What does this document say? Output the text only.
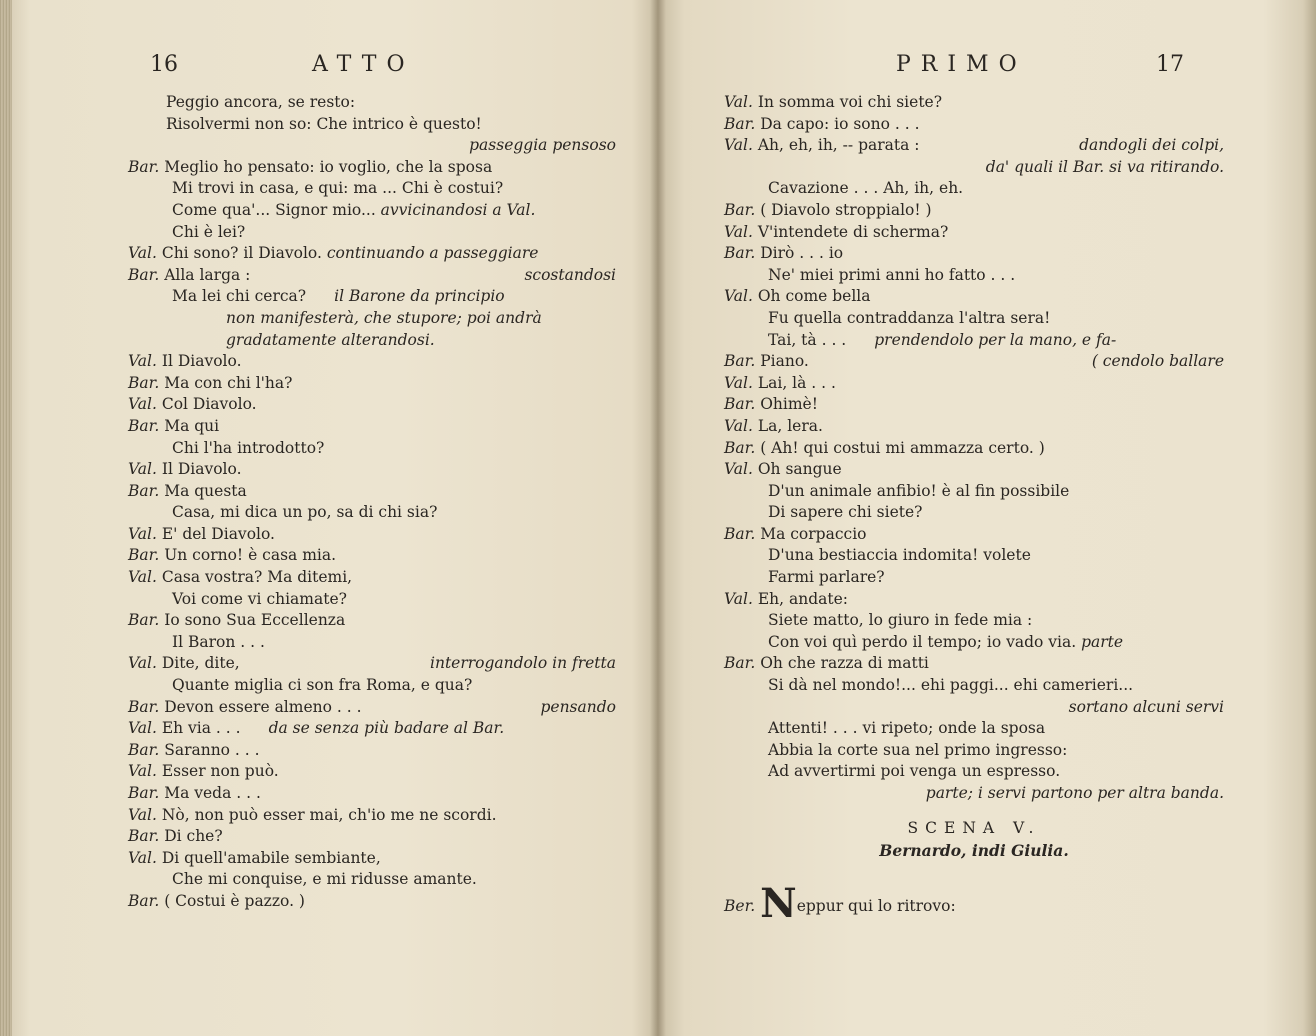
16	ATTO
Peggio ancora, se resto:
Risolvermi non so: Che intrico è questo!
passeggia pensoso
Bar. Meglio ho pensato: io voglio, che la sposa
Mi trovi in casa, e qui: ma ... Chi è costui?
Come qua'... Signor mio... avvicinandosi a Val.
Chi è lei?
Val. Chi sono? il Diavolo. continuando a passeggiare
Bar. Alla larga :	scostandosi
Ma lei chi cerca? il Barone da principio
non manifesterà, che stupore; poi andrà
gradatamente alterandosi.
Val. Il Diavolo.
Bar. Ma con chi l'ha?
Val. Col Diavolo.
Bar. Ma qui
Chi l'ha introdotto?
Val. Il Diavolo.
Bar. Ma questa
Casa, mi dica un po, sa di chi sia?
Val. E' del Diavolo.
Bar. Un corno! è casa mia.
Val. Casa vostra? Ma ditemi,
Voi come vi chiamate?
Bar. Io sono Sua Eccellenza
Il Baron . . .
Val. Dite, dite,	interrogandolo in fretta
Quante miglia ci son fra Roma, e qua?
Bar. Devon essere almeno . . .	pensando
Val. Eh via . . . da se senza più badare al Bar.
Bar. Saranno . . .
Val. Esser non può.
Bar. Ma veda . . .
Val. Nò, non può esser mai, ch'io me ne scordi.
Bar. Di che?
Val. Di quell'amabile sembiante,
Che mi conquise, e mi ridusse amante.
Bar. ( Costui è pazzo. )
PRIMO	17
Val. In somma voi chi siete?
Bar. Da capo: io sono . . .
Val. Ah, eh, ih, -- parata :	dandogli dei colpi,
da' quali il Bar. si va ritirando.
Cavazione . . . Ah, ih, eh.
Bar. ( Diavolo stroppialo! )
Val. V'intendete di scherma?
Bar. Dirò . . . io
Ne' miei primi anni ho fatto . . .
Val. Oh come bella
Fu quella contraddanza l'altra sera!
Tai, tà . . . prendendolo per la mano, e fa-
Bar. Piano.	( cendolo ballare
Val. Lai, là . . .
Bar. Ohimè!
Val. La, lera.
Bar. ( Ah! qui costui mi ammazza certo. )
Val. Oh sangue
D'un animale anfibio! è al fin possibile
Di sapere chi siete?
Bar. Ma corpaccio
D'una bestiaccia indomita! volete
Farmi parlare?
Val. Eh, andate:
Siete matto, lo giuro in fede mia :
Con voi quì perdo il tempo; io vado via. parte
Bar. Oh che razza di matti
Si dà nel mondo!... ehi paggi... ehi camerieri...
sortano alcuni servi
Attenti! . . . vi ripeto; onde la sposa
Abbia la corte sua nel primo ingresso:
Ad avvertirmi poi venga un espresso.
parte; i servi partono per altra banda.
SCENA V.
Bernardo, indi Giulia.
Ber. Neppur qui lo ritrovo:
